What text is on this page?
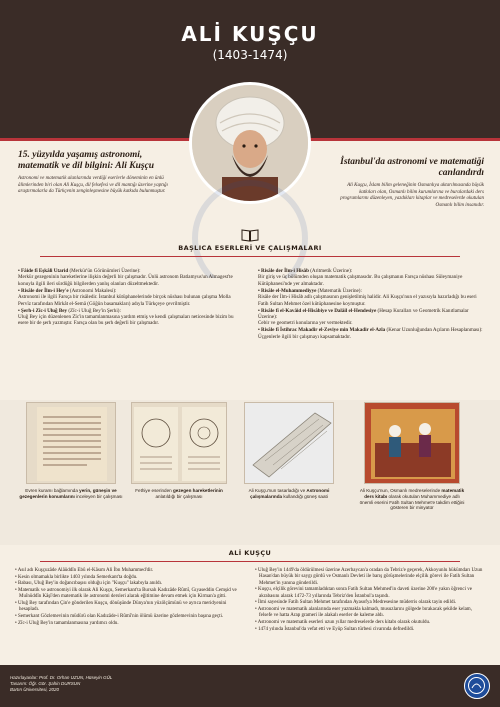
ALİ KUŞÇU
(1403-1474)
15. yüzyılda yaşamış astronomi, matematik ve dil bilgini: Ali Kuşçu
Astronomi ve matematik alanlarında verdiği eserlerle döneminin en ünlü âlimlerinden biri olan Ali Kuşçu, dil felsefesi ve dil mantığı üzerine yaptığı araştırmalarla da Türkçenin zenginleşmesine büyük katkıda bulunmuştur.
İstanbul'da astronomi ve matematiği canlandırdı
Ali Kuşçu, İslam bilim geleneğinin Osmanlıya aktarılmasında büyük katkıları olan, Osmanlı bilim kurumlarına ve buralardaki ders programlarını düzenleyen, yazdıkları kitaplar ve medreselerde okutulan Osmanlı bilim insanıdır.
BAŞLICA ESERLERİ VE ÇALIŞMALARI
• Fâide fî Eşkâli Utarid (Merkür'ün Görünümleri Üzerine):
Merkür gezegeninin hareketlerine ilişkin değerli bir çalışmadır. Ünlü astronom Batlamyus'un Almagest'te konuyla ilgili ileri sürdüğü bilgilerden yanlış olanları düzeltmektedir.
• Risâle der İlm-i Hey'e (Astronomi Makalesi):
Astronomi ile ilgili Farsça bir risâledir. İstanbul kütüphanelerinde birçok nüshası bulunan çalışma Molla Pervîz tarafından Mirkât el-Semâ (Göğün basamakları) adıyla Türkçeye çevrilmiştir.
• Şerh-i Zîc-i Uluğ Bey (Zîc-i Uluğ Bey'in Şerhi):
Uluğ Bey için düzenlenen Zîc'in tamamlanmasına yardım etmiş ve kendi çalışmaları neticesinde bizim bu esere bir de şerh yazmıştır. Farsça olan bu şerh değerli bir çalışmadır.
• Risâle der İlm-i Hisâb (Aritmetik Üzerine):
Bir giriş ve üç bölümden oluşan matematik çalışmasıdır. Bu çalışmanın Farsça nüshası Süleymaniye Kütüphanesi'nde yer almaktadır.
• Risâle el-Muhammediyye (Matematik Üzerine):
Risâle der İlm-i Hisâb adlı çalışmasının genişletilmiş halidir. Ali Kuşçu'nun el yazısıyla hazırladığı bu eseri Fatih Sultan Mehmet özel kütüphanesine koymuştur.
• Risâle fî el-Kavâid el-Hisâbiye ve Dalâil el-Hendesiye (Hesap Kuralları ve Geometrik Kanıtlamalar Üzerine):
Cebir ve geometri konularına yer vermektedir.
• Risâle fî İstihrac Makadir el-Zeviye min Makadir el-Azla (Kenar Uzunluğundan Açıların Hesaplanması): Üçgenlerle ilgili bir çalışmayı kapsamaktadır.
Evren kuramı bağlamında yerin, güneşin ve gezegenlerin konumlarını inceleyen bir çalışması
Fethiye eserinden gezegen hareketlerinin anlatıldığı bir çalışması
Ali Kuşçu'nun tasarladığı ve Astronomi çalışmalarında kullandığı güneş saati
Ali Kuşçu'nun, Osmanlı medreselerinde matematik ders kitabı olarak okutulan Muhammediye adlı önemli eserini Fatih Sultan Mehmet'e takdim ettiğini gösteren bir minyatür
ALİ KUŞÇU
• Asıl adı Kuşçuzâde Alâüddîn Ebû el-Kâsım Ali İbn Muhammed'dir.
• Kesin olmamakla birlikte 1403 yılında Semerkant'ta doğdu.
• Babası, Uluğ Bey'in doğancıbaşısı olduğu için "Kuşçu" lakabıyla anıldı.
• Matematik ve astronomiyi ilk olarak Ali Kuşçu, Semerkant'ta Bursalı Kadızâde Rûmî, Gıyaseddin Cemşid ve Muînüddîn Kâşî'den matematik ile astronomi dersleri alarak eğitimine devam etmek için Kirman'a gitti.
• Uluğ Bey tarafından Çin'e gönderilen Kuşçu, dönüşünde Dünya'nın yüzölçümünü ve ayrıca meridyenini hesapladı.
• Semerkant Gözlemevinin müdürü olan Kadızâde-i Rûmî'nin ölümü üzerine gözlemevinin başına geçti.
• Zîc-i Uluğ Bey'in tamamlanmasına yardımcı oldu.
• Uluğ Bey'in 1449'da öldürülmesi üzerine Azerbaycan'a oradan da Tebriz'e geçerek, Akkoyunlu hükümdarı Uzun Hasan'dan büyük bir saygı gördü ve Osmanlı Devleti ile barış görüşmelerinde elçilik görevi ile Fatih Sultan Mehmet'in yanına gönderildi.
• Kuşçu, elçilik görevini tamamladıktan sonra Fatih Sultan Mehmed'in daveti üzerine 200'e yakın öğrenci ve akrabasını alarak 1472-73 yıllarında Tebriz'den İstanbul'a taşındı.
• İlmi sayesinde Fatih Sultan Mehmet tarafından Ayasofya Medresesine müderris olarak tayin edildi.
• Astronomi ve matematik alanlarında eser yazmakla kalmadı, musuzlarını gölgede bırakacak şekilde kelam, felsefe ve hatta Arap grameri ile alakalı eserler de kaleme aldı.
• Astronomi ve matematik eserleri uzun yıllar medreselerde ders kitabı olarak okutuldu.
• 1474 yılında İstanbul'da vefat etti ve Eyüp Sultan türbesi civarında defnedildi.
Hazırlayanlar: Prof. Dr. Orhan UZUN, Hüseyin GÜL
Tasarım: Öğr. Gör. Şahin DURSUN
Bartın Üniversitesi, 2020
